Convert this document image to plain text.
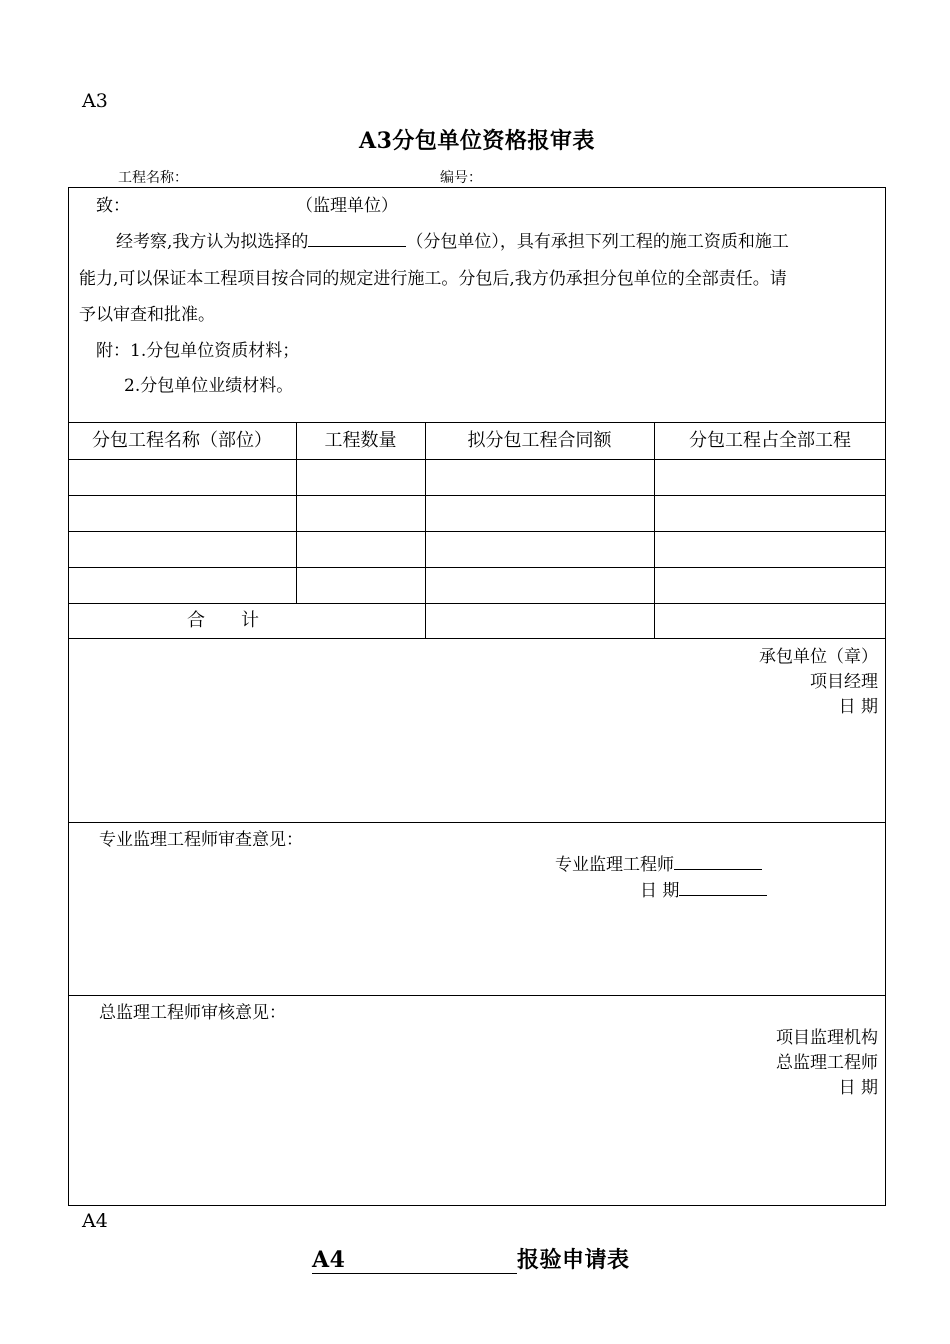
A3
A3分包单位资格报审表
工程名称：	编号：
致：	（监理单位）
经考察,我方认为拟选择的	（分包单位），具有承担下列工程的施工资质和施工
能力,可以保证本工程项目按合同的规定进行施工。分包后,我方仍承担分包单位的全部责任。请
予以审查和批准。
附：1.分包单位资质材料；
2.分包单位业绩材料。
分包工程名称（部位）	工程数量	拟分包工程合同额	分包工程占全部工程
合　　计
承包单位（章）
项目经理
日 期
专业监理工程师审查意见：
专业监理工程师
日 期
总监理工程师审核意见：
项目监理机构
总监理工程师
日 期
A4
A4	报验申请表
